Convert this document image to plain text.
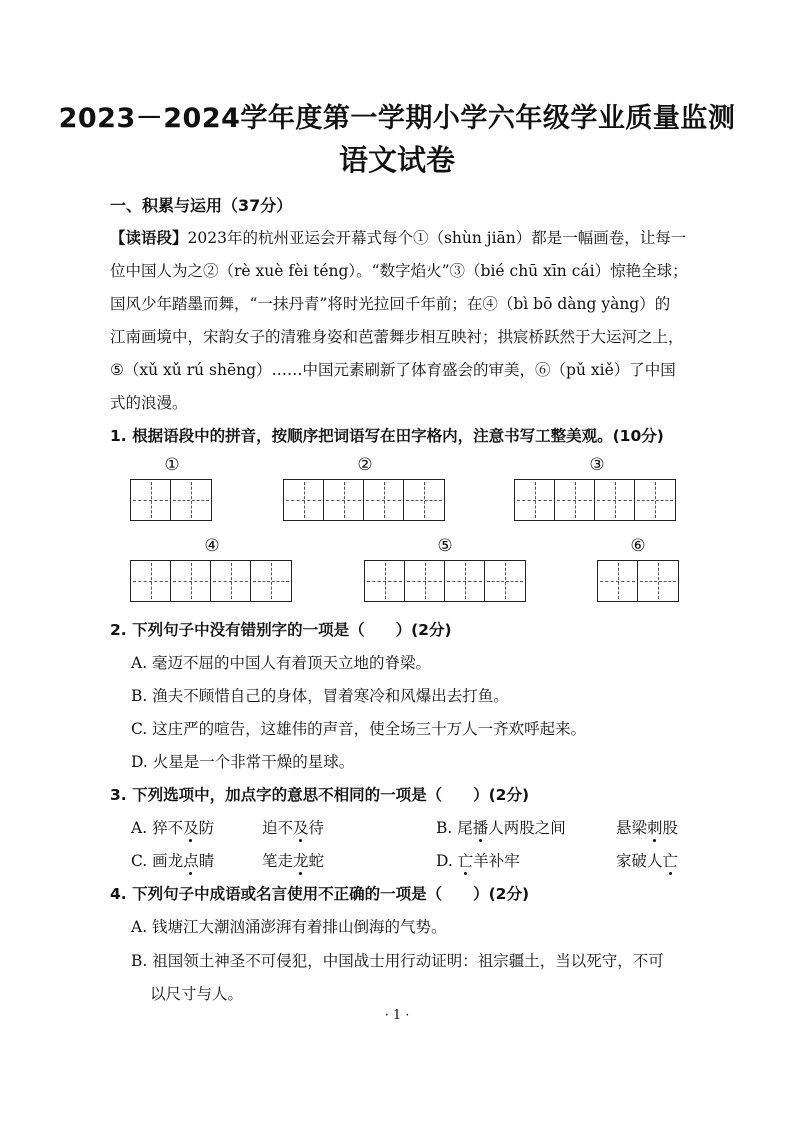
2023－2024学年度第一学期小学六年级学业质量监测
语文试卷
一、积累与运用（37分）
【读语段】2023年的杭州亚运会开幕式每个①（shùn jiān）都是一幅画卷，让每一
位中国人为之②（rè xuè fèi téng）。“数字焰火”③（bié chū xīn cái）惊艳全球；
国风少年踏墨而舞，“一抹丹青”将时光拉回千年前；在④（bì bō dàng yàng）的
江南画境中，宋韵女子的清雅身姿和芭蕾舞步相互映衬；拱宸桥跃然于大运河之上，
⑤（xǔ xǔ rú shēng）……中国元素刷新了体育盛会的审美，⑥（pǔ xiě）了中国
式的浪漫。
1. 根据语段中的拼音，按顺序把词语写在田字格内，注意书写工整美观。(10分)
①	②	③
④	⑤	⑥
2. 下列句子中没有错别字的一项是（　　）(2分)
A. 毫迈不屈的中国人有着顶天立地的脊梁。
B. 渔夫不顾惜自己的身体，冒着寒冷和风爆出去打鱼。
C. 这庄严的喧告，这雄伟的声音，使全场三十万人一齐欢呼起来。
D. 火星是一个非常干燥的星球。
3. 下列选项中，加点字的意思不相同的一项是（　　）(2分)
A. 猝不及防	迫不及待	B. 尾播人两股之间	悬梁刺股
C. 画龙点睛	笔走龙蛇	D. 亡羊补牢	家破人亡
4. 下列句子中成语或名言使用不正确的一项是（　　）(2分)
A. 钱塘江大潮汹涌澎湃有着排山倒海的气势。
B. 祖国领土神圣不可侵犯，中国战士用行动证明：祖宗疆土，当以死守，不可
以尺寸与人。
· 1 ·
